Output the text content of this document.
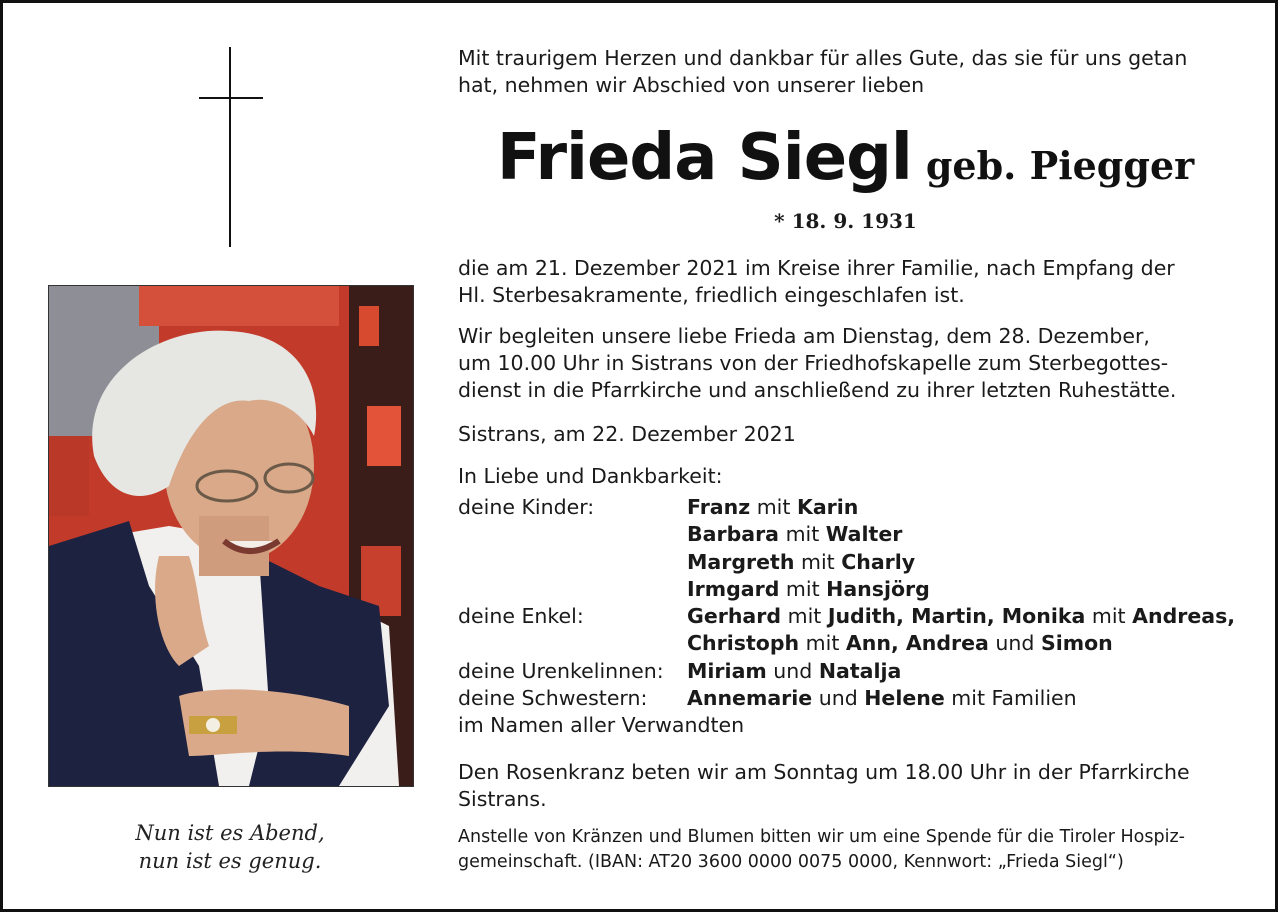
Nun ist es Abend,
nun ist es genug.

Mit traurigem Herzen und dankbar für alles Gute, das sie für uns getan
hat, nehmen wir Abschied von unserer lieben

Frieda Siegl geb. Piegger
* 18. 9. 1931

die am 21. Dezember 2021 im Kreise ihrer Familie, nach Empfang der
Hl. Sterbesakramente, friedlich eingeschlafen ist.

Wir begleiten unsere liebe Frieda am Dienstag, dem 28. Dezember,
um 10.00 Uhr in Sistrans von der Friedhofskapelle zum Sterbegottes-
dienst in die Pfarrkirche und anschließend zu ihrer letzten Ruhestätte.

Sistrans, am 22. Dezember 2021

In Liebe und Dankbarkeit:

deine Kinder:	Franz mit Karin
Barbara mit Walter
Margreth mit Charly
Irmgard mit Hansjörg
deine Enkel:	Gerhard mit Judith, Martin, Monika mit Andreas,
Christoph mit Ann, Andrea und Simon
deine Urenkelinnen: Miriam und Natalja
deine Schwestern: Annemarie und Helene mit Familien
im Namen aller Verwandten

Den Rosenkranz beten wir am Sonntag um 18.00 Uhr in der Pfarrkirche
Sistrans.

Anstelle von Kränzen und Blumen bitten wir um eine Spende für die Tiroler Hospiz-
gemeinschaft. (IBAN: AT20 3600 0000 0075 0000, Kennwort: „Frieda Siegl“)
